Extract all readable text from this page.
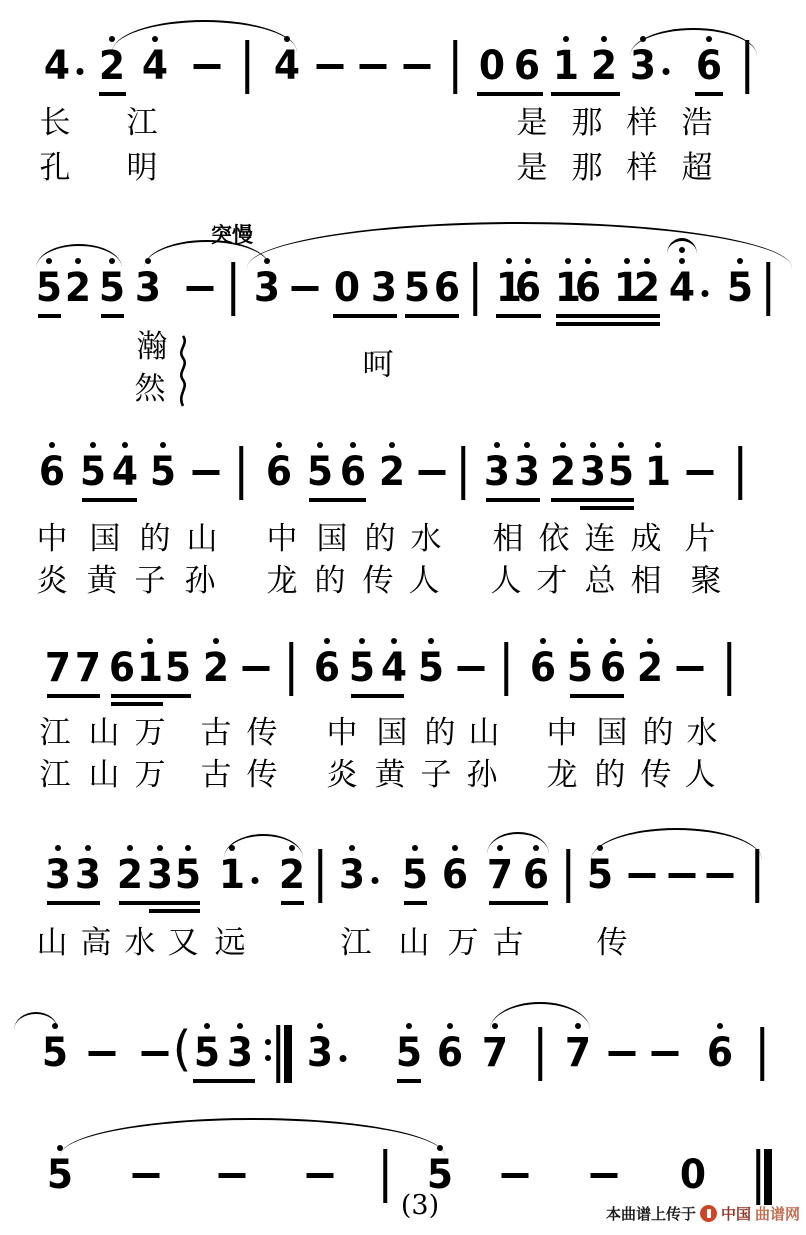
4 2 4	4	0 6 1 2 3 6
长 江	是 那 样 浩
孔 明	是 那 样 超
5 2 5 3 3 0 3 5 6 1
6 1
6 1
2 4 5
突慢
瀚
然
呵
6 5 4 5 6 5 6 2 3 3 2 3 5 1
中 国 的 山 中 国 的 水 相 依 连 成 片
炎 黄 子 孙 龙 的 传 人 人 才 总 相 聚
7 7 6 1 5 2 6 5 4 5 6 5 6 2
江 山 万 古 传 中 国 的 山 中 国 的 水
江 山 万 古 传 炎 黄 子 孙 龙 的 传 人
3 3 2 3 5 1 2 3 5 6 7 6 5
山 高 水 又 远	江 山 万 古 传
5 ( 5 3 3 5 6 7 7	6
5	5	0
(3)	本曲谱上传于 中国 曲谱网
